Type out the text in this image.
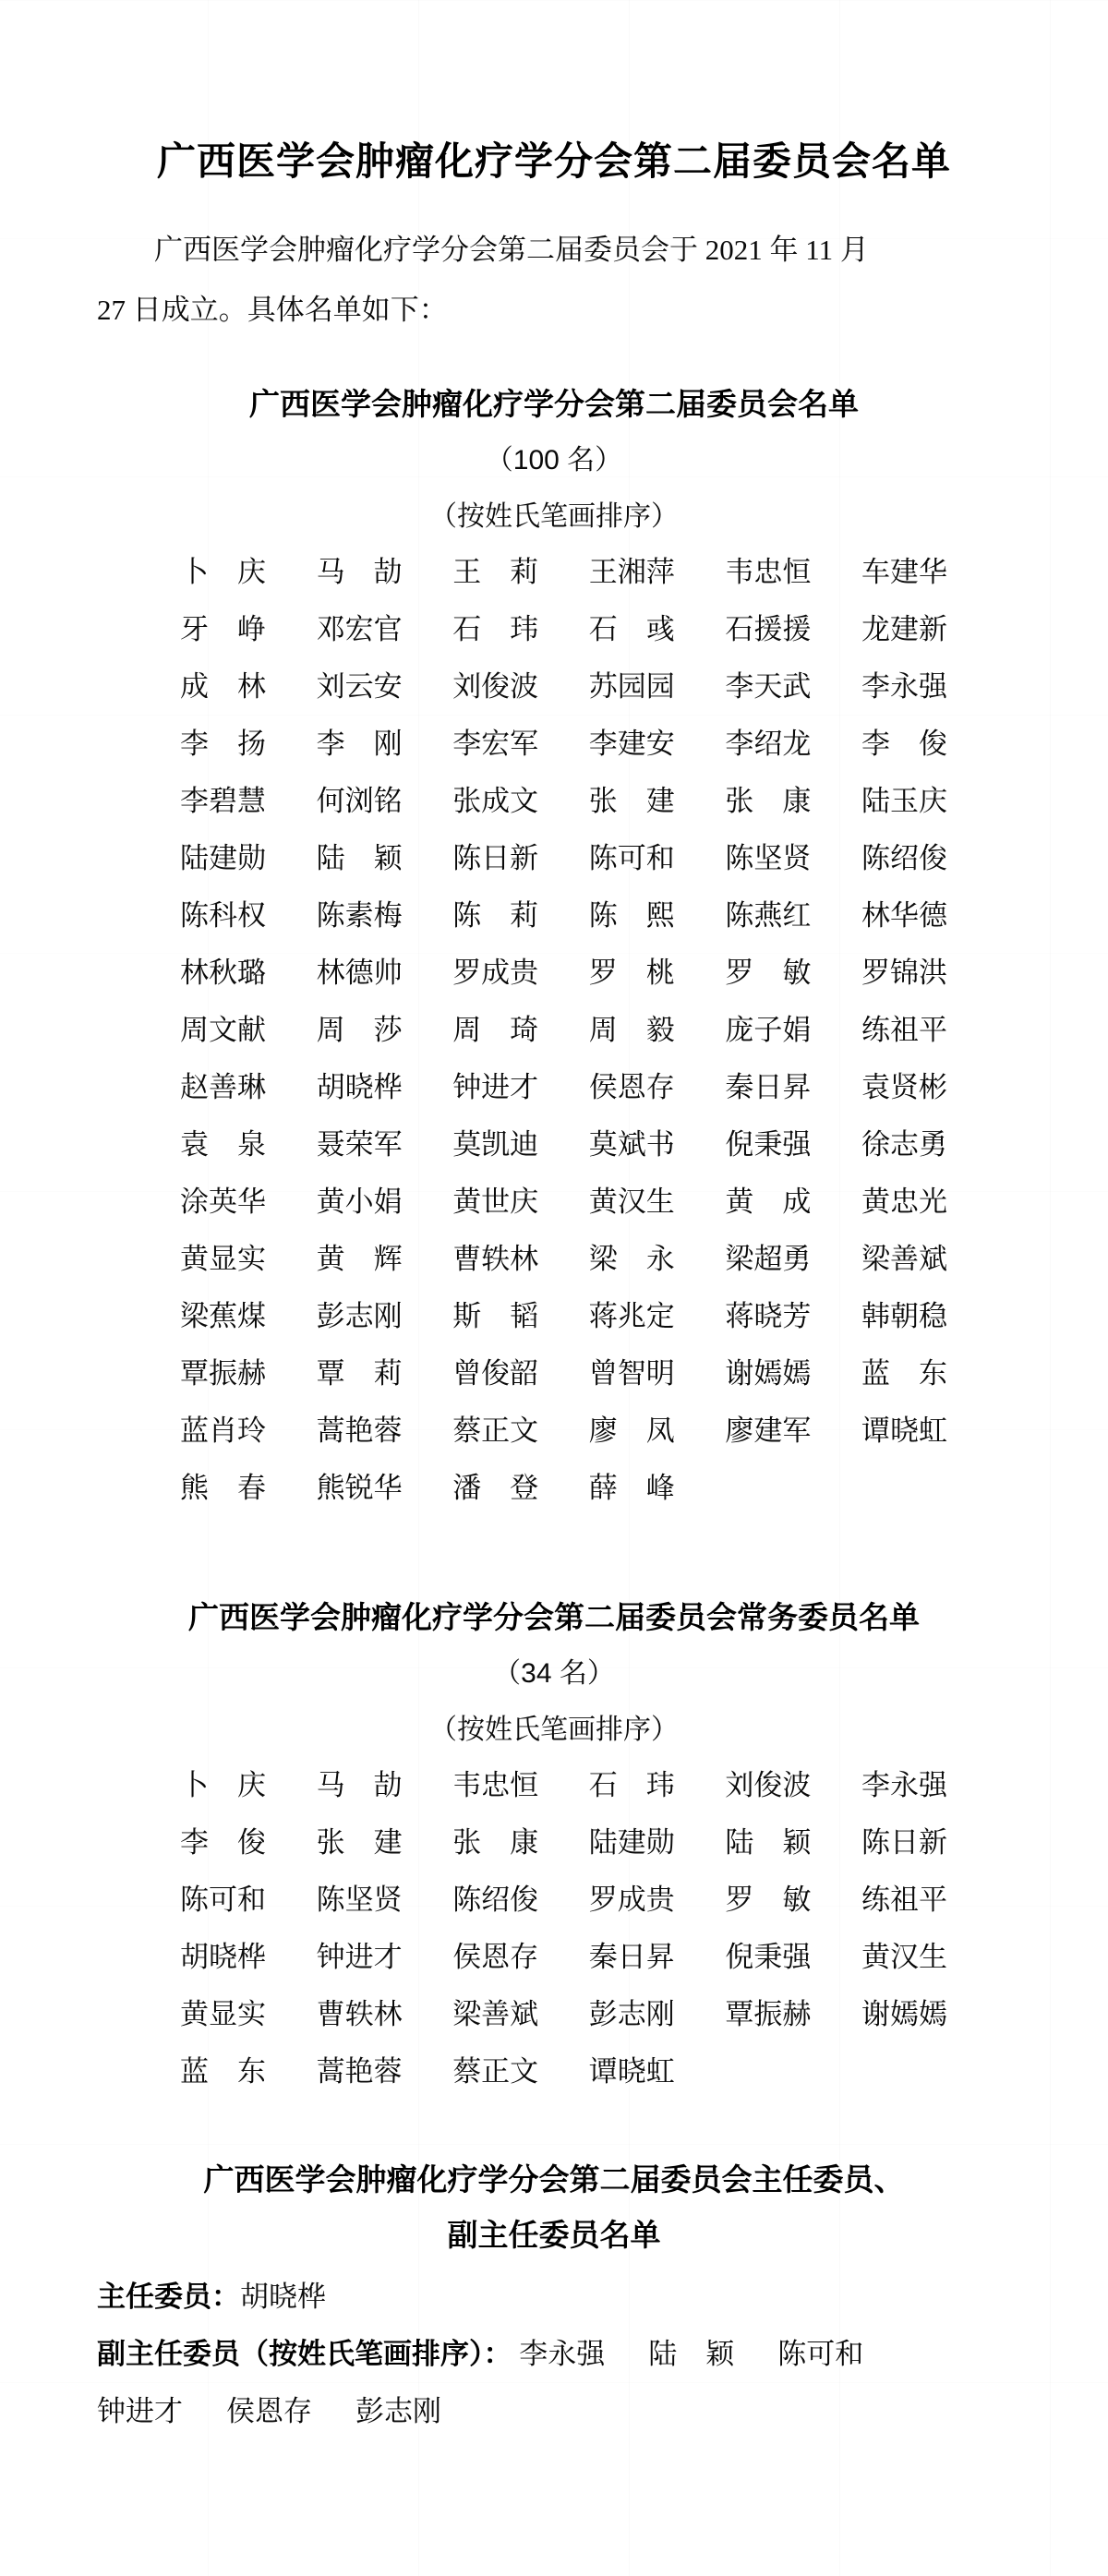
广西医学会肿瘤化疗学分会第二届委员会名单

广西医学会肿瘤化疗学分会第二届委员会于 2021 年 11 月
27 日成立。具体名单如下：

广西医学会肿瘤化疗学分会第二届委员会名单
（100 名）
（按姓氏笔画排序）
卜　庆 马　劼 王　莉 王湘萍 韦忠恒 车建华
牙　峥 邓宏官 石　玮 石　彧 石援援 龙建新
成　林 刘云安 刘俊波 苏园园 李天武 李永强
李　扬 李　刚 李宏军 李建安 李绍龙 李　俊
李碧慧 何浏铭 张成文 张　建 张　康 陆玉庆
陆建勋 陆　颖 陈日新 陈可和 陈坚贤 陈绍俊
陈科权 陈素梅 陈　莉 陈　熙 陈燕红 林华德
林秋璐 林德帅 罗成贵 罗　桃 罗　敏 罗锦洪
周文献 周　莎 周　琦 周　毅 庞子娟 练祖平
赵善琳 胡晓桦 钟进才 侯恩存 秦日昇 袁贤彬
袁　泉 聂荣军 莫凯迪 莫斌书 倪秉强 徐志勇
涂英华 黄小娟 黄世庆 黄汉生 黄　成 黄忠光
黄显实 黄　辉 曹轶林 梁　永 梁超勇 梁善斌
梁蕉煤 彭志刚 斯　韬 蒋兆定 蒋晓芳 韩朝稳
覃振赫 覃　莉 曾俊韶 曾智明 谢嫣嫣 蓝　东
蓝肖玲 蒿艳蓉 蔡正文 廖　凤 廖建军 谭晓虹
熊　春 熊锐华 潘　登 薛　峰
广西医学会肿瘤化疗学分会第二届委员会常务委员名单
（34 名）
（按姓氏笔画排序）
卜　庆 马　劼 韦忠恒 石　玮 刘俊波 李永强
李　俊 张　建 张　康 陆建勋 陆　颖 陈日新
陈可和 陈坚贤 陈绍俊 罗成贵 罗　敏 练祖平
胡晓桦 钟进才 侯恩存 秦日昇 倪秉强 黄汉生
黄显实 曹轶林 梁善斌 彭志刚 覃振赫 谢嫣嫣
蓝　东 蒿艳蓉 蔡正文 谭晓虹
广西医学会肿瘤化疗学分会第二届委员会主任委员、
副主任委员名单

主任委员：胡晓桦

副主任委员（按姓氏笔画排序）： 李永强 陆　颖 陈可和钟进才 侯恩存 彭志刚
